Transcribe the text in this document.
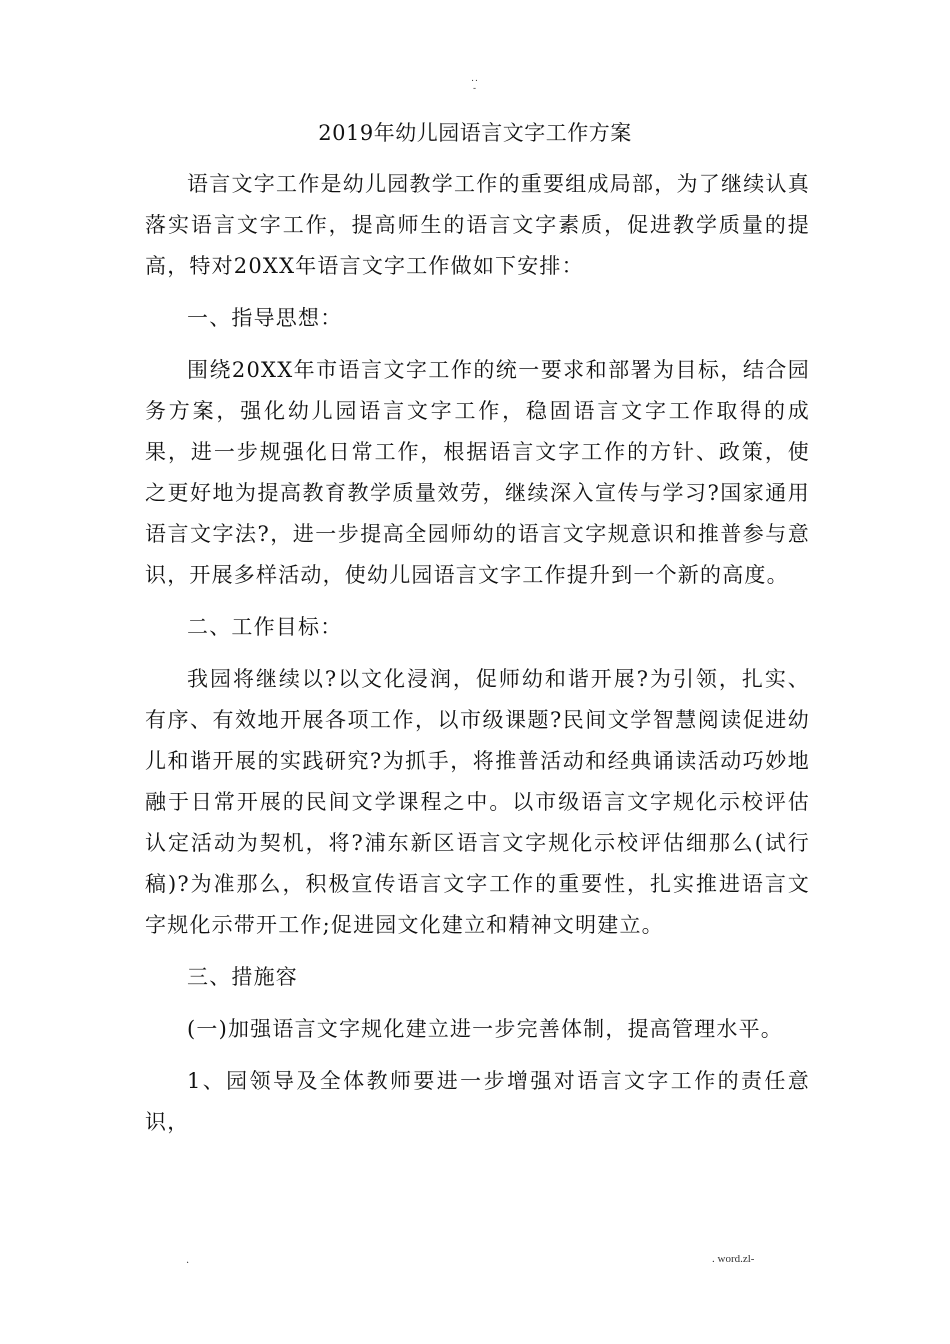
..
-
2019年幼儿园语言文字工作方案

语言文字工作是幼儿园教学工作的重要组成局部，为了继续认真落实语言文字工作，提高师生的语言文字素质，促进教学质量的提高，特对20XX年语言文字工作做如下安排：

一、指导思想：

围绕20XX年市语言文字工作的统一要求和部署为目标，结合园务方案，强化幼儿园语言文字工作，稳固语言文字工作取得的成果，进一步规强化日常工作，根据语言文字工作的方针、政策，使之更好地为提高教育教学质量效劳，继续深入宣传与学习?国家通用语言文字法?，进一步提高全园师幼的语言文字规意识和推普参与意识，开展多样活动，使幼儿园语言文字工作提升到一个新的高度。

二、工作目标：

我园将继续以?以文化浸润，促师幼和谐开展?为引领，扎实、有序、有效地开展各项工作，以市级课题?民间文学智慧阅读促进幼儿和谐开展的实践研究?为抓手，将推普活动和经典诵读活动巧妙地融于日常开展的民间文学课程之中。以市级语言文字规化示校评估认定活动为契机，将?浦东新区语言文字规化示校评估细那么(试行稿)?为准那么，积极宣传语言文字工作的重要性，扎实推进语言文字规化示带开工作;促进园文化建立和精神文明建立。

三、措施容

(一)加强语言文字规化建立进一步完善体制，提高管理水平。

1、园领导及全体教师要进一步增强对语言文字工作的责任意识，

.	. word.zl-
